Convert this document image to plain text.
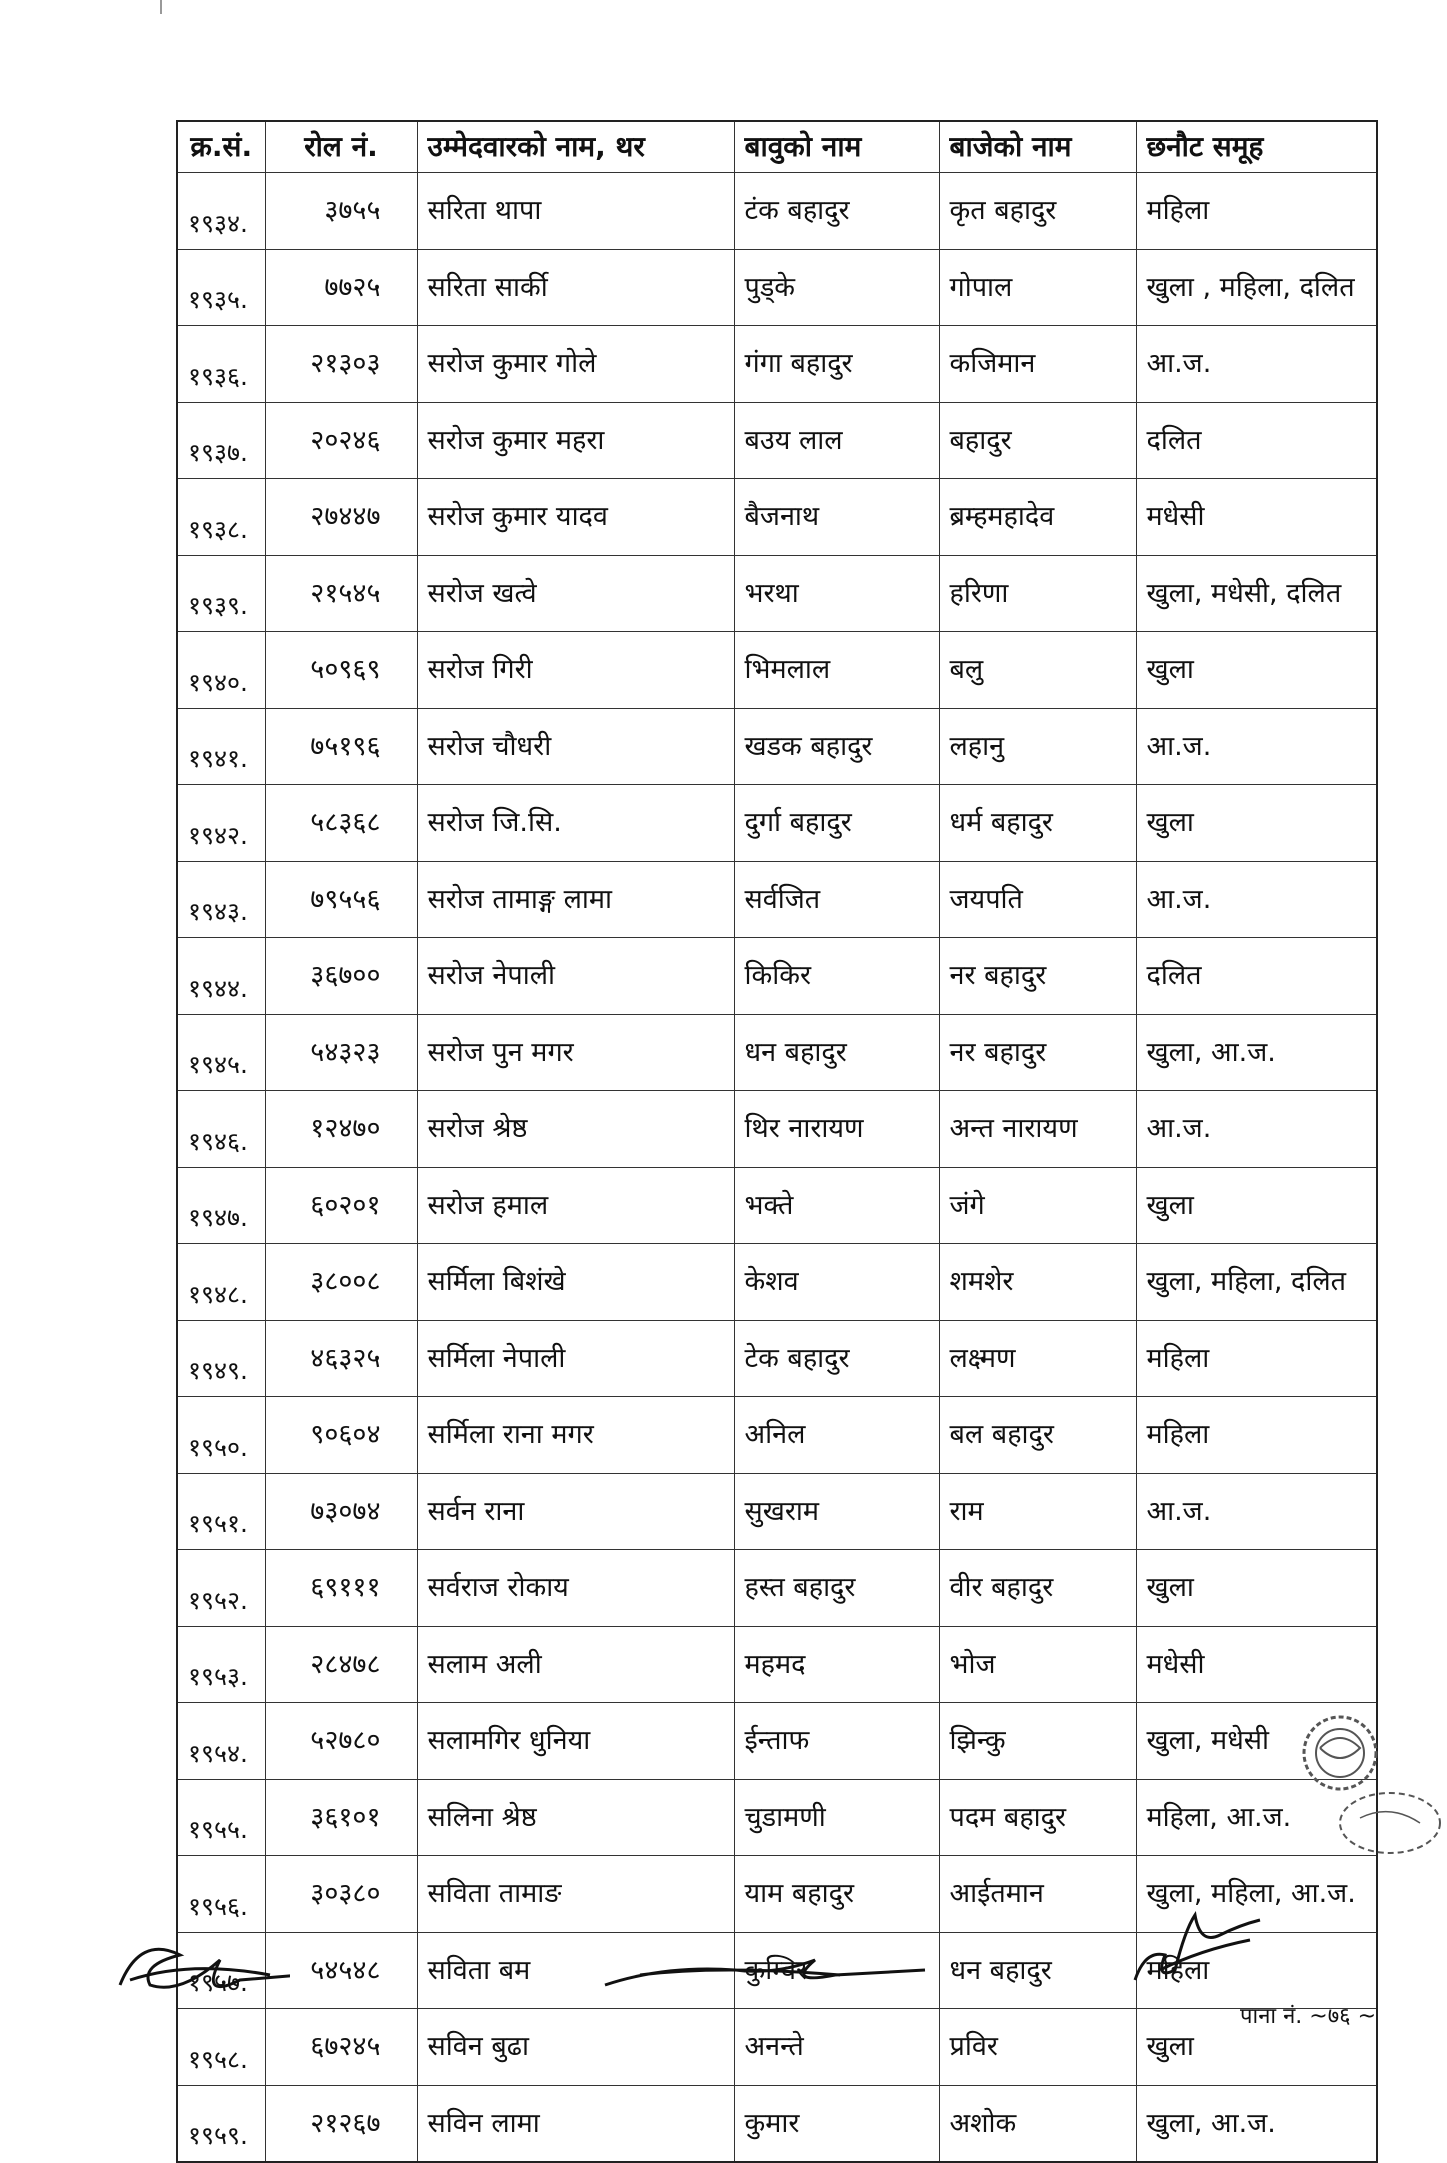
क्र.सं.	रोल नं.	उम्मेदवारको नाम, थर	बावुको नाम	बाजेको नाम	छनौट समूह
१९३४.	३७५५	सरिता थापा	टंक बहादुर	कृत बहादुर	महिला
१९३५.	७७२५	सरिता सार्की	पुड्के	गोपाल	खुला , महिला, दलित
१९३६.	२१३०३	सरोज कुमार गोले	गंगा बहादुर	कजिमान	आ.ज.
१९३७.	२०२४६	सरोज कुमार महरा	बउय लाल	बहादुर	दलित
१९३८.	२७४४७	सरोज कुमार यादव	बैजनाथ	ब्रम्हमहादेव	मधेसी
१९३९.	२१५४५	सरोज खत्वे	भरथा	हरिणा	खुला, मधेसी, दलित
१९४०.	५०९६९	सरोज गिरी	भिमलाल	बलु	खुला
१९४१.	७५१९६	सरोज चौधरी	खडक बहादुर	लहानु	आ.ज.
१९४२.	५८३६८	सरोज जि.सि.	दुर्गा बहादुर	धर्म बहादुर	खुला
१९४३.	७९५५६	सरोज तामाङ्ग लामा	सर्वजित	जयपति	आ.ज.
१९४४.	३६७००	सरोज नेपाली	किकिर	नर बहादुर	दलित
१९४५.	५४३२३	सरोज पुन मगर	धन बहादुर	नर बहादुर	खुला, आ.ज.
१९४६.	१२४७०	सरोज श्रेष्ठ	थिर नारायण	अन्त नारायण	आ.ज.
१९४७.	६०२०१	सरोज हमाल	भक्ते	जंगे	खुला
१९४८.	३८००८	सर्मिला बिशंखे	केशव	शमशेर	खुला, महिला, दलित
१९४९.	४६३२५	सर्मिला नेपाली	टेक बहादुर	लक्ष्मण	महिला
१९५०.	९०६०४	सर्मिला राना मगर	अनिल	बल बहादुर	महिला
१९५१.	७३०७४	सर्वन राना	सुखराम	राम	आ.ज.
१९५२.	६९१११	सर्वराज रोकाय	हस्त बहादुर	वीर बहादुर	खुला
१९५३.	२८४७८	सलाम अली	महमद	भोज	मधेसी
१९५४.	५२७८०	सलामगिर धुनिया	ईन्ताफ	झिन्कु	खुला, मधेसी
१९५५.	३६१०१	सलिना श्रेष्ठ	चुडामणी	पदम बहादुर	महिला, आ.ज.
१९५६.	३०३८०	सविता तामाङ	याम बहादुर	आईतमान	खुला, महिला, आ.ज.
१९५७.	५४५४८	सविता बम	कुम्विर	धन बहादुर	महिला
१९५८.	६७२४५	सविन बुढा	अनन्ते	प्रविर	खुला
१९५९.	२१२६७	सविन लामा	कुमार	अशोक	खुला, आ.ज.
पाना नं. ~७६ ~
